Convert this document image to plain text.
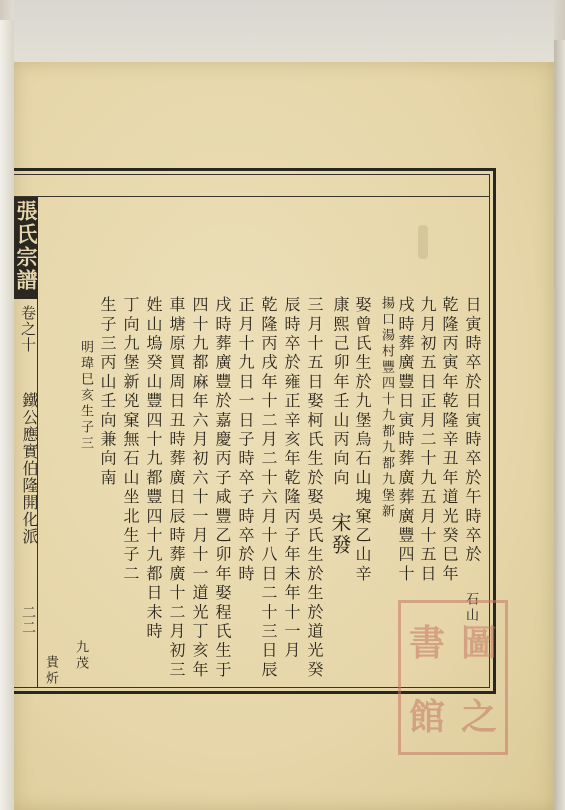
張氏宗譜
卷之十
鐵公應實伯隆開化派
二二
日寅時卒於日寅時卒於午時卒於
乾隆丙寅年乾隆辛丑年道光癸巳年
九月初五日正月二十九五月十五日
戌時葬廣豐日寅時葬廣葬廣豐四十
揚口湯村豐四十九都九都九堡新
娶曾氏生於九堡烏石山塊窠乙山辛
康熙己卯年壬山丙向向
三月十五日娶柯氏生於娶吳氏生於生於道光癸
辰時卒於雍正辛亥年乾隆丙子年未年十一月
乾隆丙戌年十二月二十六月十八日二十三日辰
正月十九日一日子時卒子時卒於時
戌時葬廣豐於嘉慶丙子咸豐乙卯年娶程氏生于
四十九都麻年六月初六十一月十一道光丁亥年
車塘原買周日丑時葬廣日辰時葬廣十二月初三
姓山塢癸山豐四十九都豐四十九都日未時
丁向九堡新兇窠無石山坐北生子二
生子三丙山壬向兼向南
明瑋巳亥生子三
宋發
石山
九茂
貴炘
書 圖
館 之
